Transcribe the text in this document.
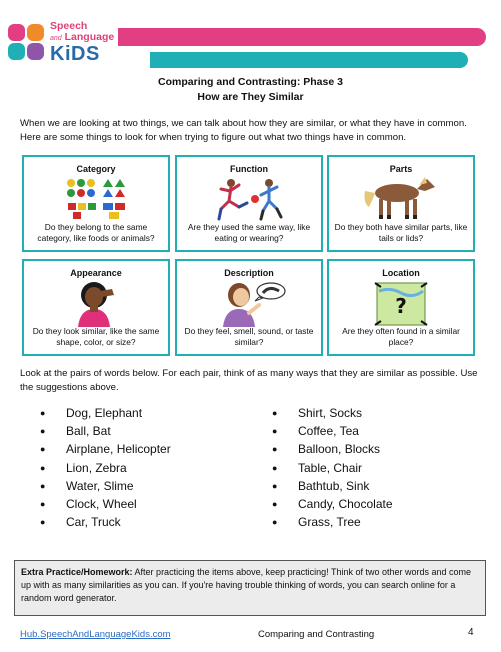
Speech
and Language
KiDS
Comparing and Contrasting: Phase 3
How are They Similar
When we are looking at two things, we can talk about how they are similar, or what they have in common. Here are some things to look for when trying to figure out what two things have in common.
Category
Do they belong to the same category, like foods or animals?
Function
Are they used the same way, like eating or wearing?
Parts
Do they both have similar parts, like tails or lids?
Appearance
Do they look similar, like the same shape, color, or size?
Description
Do they feel, smell, sound, or taste similar?
Location
?
Are they often found in a similar place?
Look at the pairs of words below. For each pair, think of as many ways that they are similar as possible. Use the suggestions above.
● Dog, Elephant
● Ball, Bat
● Airplane, Helicopter
● Lion, Zebra
● Water, Slime
● Clock, Wheel
● Car, Truck
● Shirt, Socks
● Coffee, Tea
● Balloon, Blocks
● Table, Chair
● Bathtub, Sink
● Candy, Chocolate
● Grass, Tree
Extra Practice/Homework: After practicing the items above, keep practicing! Think of two other words and come up with as many similarities as you can. If you're having trouble thinking of words, you can search online for a random word generator.
Hub.SpeechAndLanguageKids.com	Comparing and Contrasting	4
